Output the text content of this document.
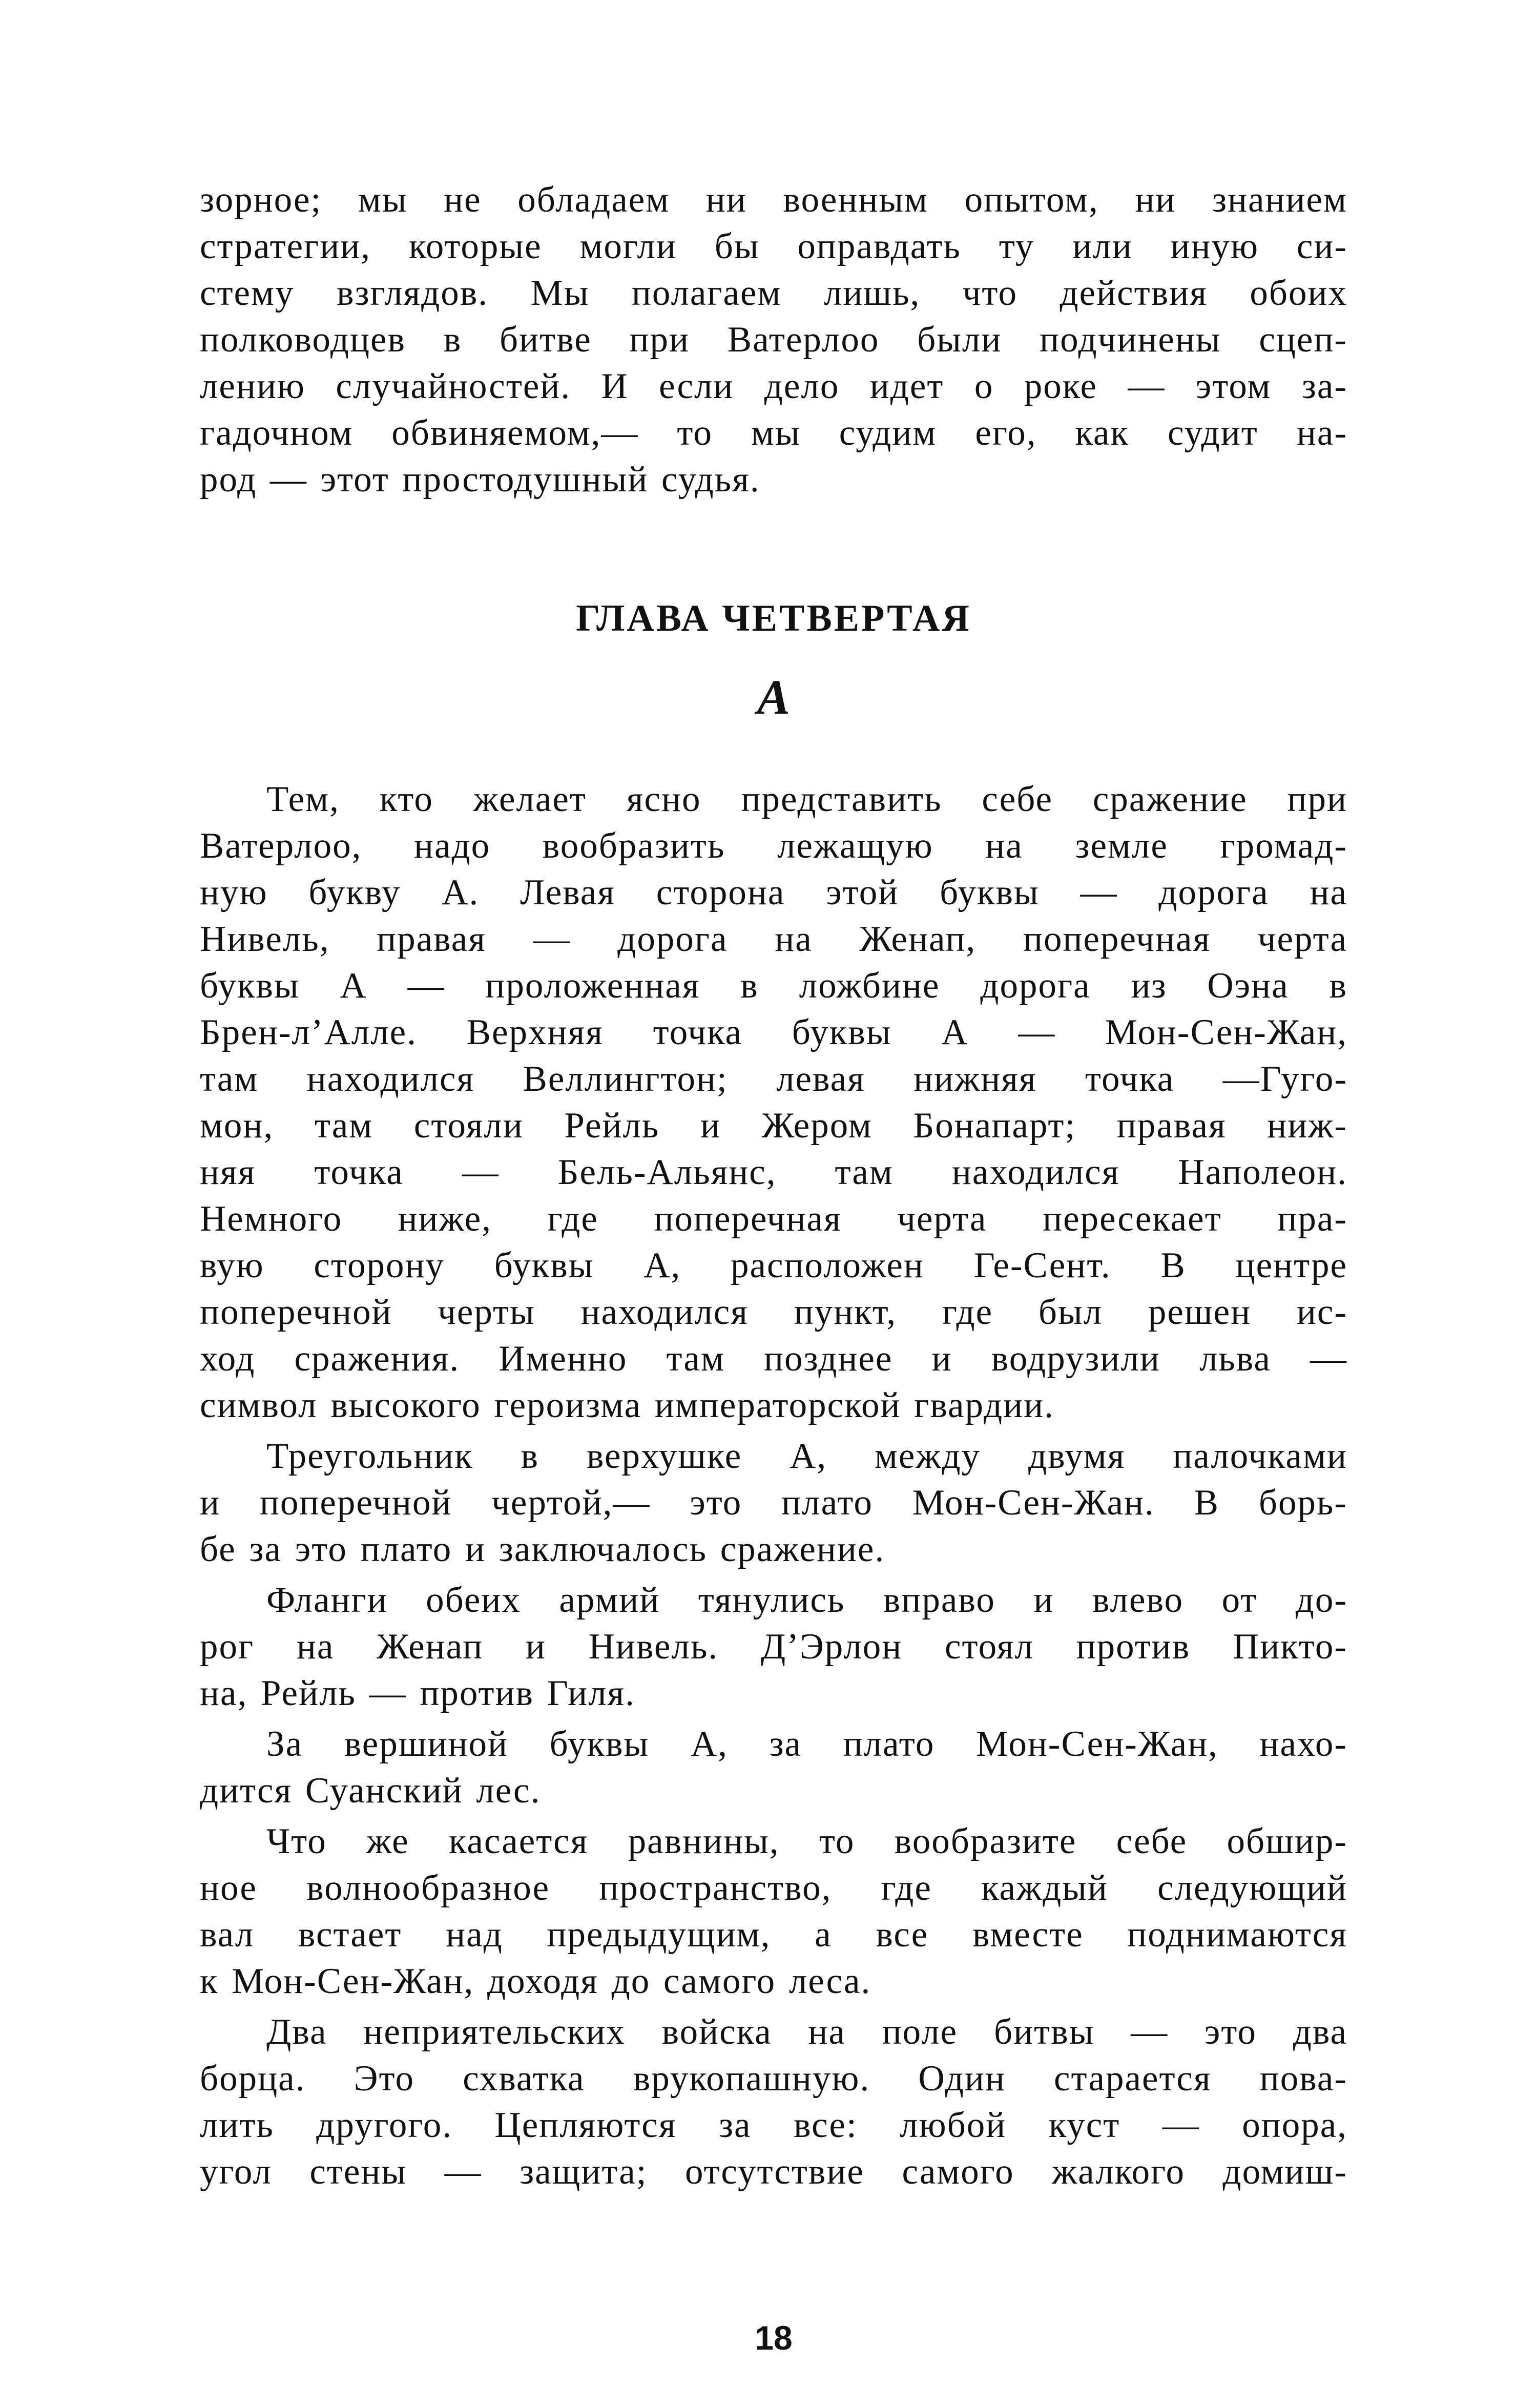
зорное; мы не обладаем ни военным опытом, ни знанием

стратегии, которые могли бы оправдать ту или иную си-

стему взглядов. Мы полагаем лишь, что действия обоих

полководцев в битве при Ватерлоо были подчинены сцеп-

лению случайностей. И если дело идет о роке — этом за-

гадочном обвиняемом,— то мы судим его, как судит на-

род — этот простодушный судья.

ГЛАВА ЧЕТВЕРТАЯ
А

Тем, кто желает ясно представить себе сражение при

Ватерлоо, надо вообразить лежащую на земле громад-

ную букву А. Левая сторона этой буквы — дорога на

Нивель, правая — дорога на Женап, поперечная черта

буквы А — проложенная в ложбине дорога из Оэна в

Брен-л’Алле. Верхняя точка буквы А — Мон-Сен-Жан,

там находился Веллингтон; левая нижняя точка —Гуго-

мон, там стояли Рейль и Жером Бонапарт; правая ниж-

няя точка — Бель-Альянс, там находился Наполеон.

Немного ниже, где поперечная черта пересекает пра-

вую сторону буквы А, расположен Ге-Сент. В центре

поперечной черты находился пункт, где был решен ис-

ход сражения. Именно там позднее и водрузили льва —

символ высокого героизма императорской гвардии.

Треугольник в верхушке А, между двумя палочками

и поперечной чертой,— это плато Мон-Сен-Жан. В борь-

бе за это плато и заключалось сражение.

Фланги обеих армий тянулись вправо и влево от до-

рог на Женап и Нивель. Д’Эрлон стоял против Пикто-

на, Рейль — против Гиля.

За вершиной буквы А, за плато Мон-Сен-Жан, нахо-

дится Суанский лес.

Что же касается равнины, то вообразите себе обшир-

ное волнообразное пространство, где каждый следующий

вал встает над предыдущим, а все вместе поднимаются

к Мон-Сен-Жан, доходя до самого леса.

Два неприятельских войска на поле битвы — это два

борца. Это схватка врукопашную. Один старается пова-

лить другого. Цепляются за все: любой куст — опора,

угол стены — защита; отсутствие самого жалкого домиш-

18
